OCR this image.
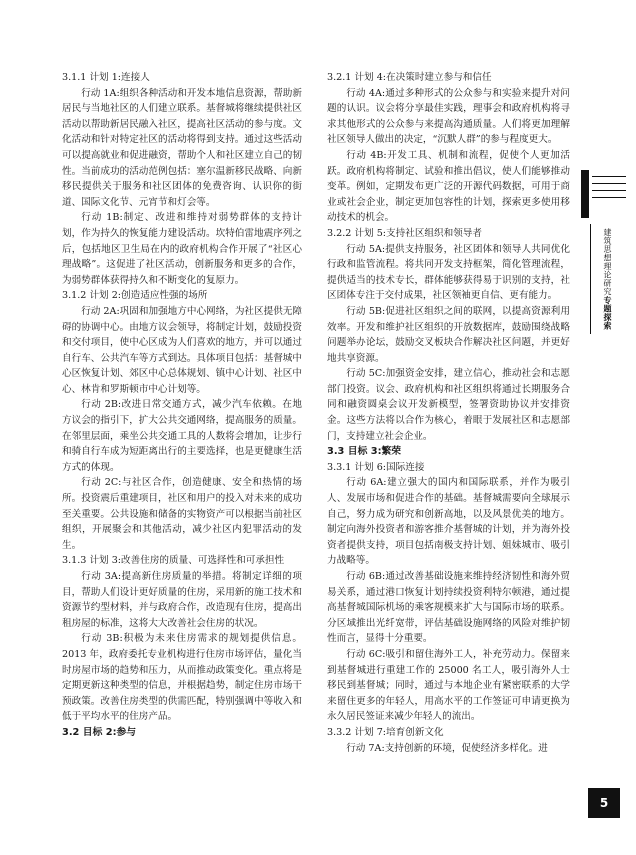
3.1.1 计划 1:连接人

行动 1A:组织各种活动和开发本地信息资源，帮助新居民与当地社区的人们建立联系。基督城将继续提供社区活动以帮助新居民融入社区，提高社区活动的参与度。文化活动和针对特定社区的活动将得到支持。通过这些活动可以提高就业和促进融资，帮助个人和社区建立自己的韧性。当前成功的活动范例包括：塞尔温新移民战略、向新移民提供关于服务和社区团体的免费咨询、认识你的街道、国际文化节、元宵节和灯会等。

行动 1B:制定、改进和维持对弱势群体的支持计划，作为持久的恢复能力建设活动。坎特伯雷地震序列之后，包括地区卫生局在内的政府机构合作开展了“社区心理战略”。这促进了社区活动，创新服务和更多的合作，为弱势群体获得持久和不断变化的复原力。

3.1.2 计划 2:创造适应性强的场所

行动 2A:巩固和加强地方中心网络，为社区提供无障碍的协调中心。由地方议会领导，将制定计划，鼓励投资和交付项目，使中心区成为人们喜欢的地方，并可以通过自行车、公共汽车等方式到达。具体项目包括：基督城中心区恢复计划、郊区中心总体规划、镇中心计划、社区中心、林肯和罗斯顿市中心计划等。

行动 2B:改进日常交通方式，减少汽车依赖。在地方议会的指引下，扩大公共交通网络，提高服务的质量。在邻里层面，乘坐公共交通工具的人数将会增加，让步行和骑自行车成为短距离出行的主要选择，也是更健康生活方式的体现。

行动 2C:与社区合作，创造健康、安全和热情的场所。投资震后重建项目，社区和用户的投入对未来的成功至关重要。公共设施和储备的实物资产可以根据当前社区组织，开展聚会和其他活动，减少社区内犯罪活动的发生。

3.1.3 计划 3:改善住房的质量、可选择性和可承担性

行动 3A:提高新住房质量的举措。将制定详细的项目，帮助人们设计更好质量的住房，采用新的施工技术和资源节约型材料，并与政府合作，改造现有住房，提高出租房屋的标准，这将大大改善社会住房的状况。

行动 3B:积极为未来住房需求的规划提供信息。2013 年，政府委托专业机构进行住房市场评估，量化当时房屋市场的趋势和压力，从而推动政策变化。重点将是定期更新这种类型的信息，并根据趋势，制定住房市场干预政策。改善住房类型的供需匹配，特别强调中等收入和低于平均水平的住房产品。

3.2 目标 2:参与

3.2.1 计划 4:在决策时建立参与和信任

行动 4A:通过多种形式的公众参与和实验来提升对问题的认识。议会将分享最佳实践，理事会和政府机构将寻求其他形式的公众参与来提高沟通质量。人们将更加理解社区领导人做出的决定，“沉默人群”的参与程度更大。

行动 4B:开发工具、机制和流程，促使个人更加活跃。政府机构将制定、试验和推出倡议，使人们能够推动变革。例如，定期发布更广泛的开源代码数据，可用于商业或社会企业，制定更加包容性的计划，探索更多使用移动技术的机会。

3.2.2 计划 5:支持社区组织和领导者

行动 5A:提供支持服务，社区团体和领导人共同优化行政和监管流程。将共同开发支持框架，简化管理流程，提供适当的技术专长，群体能够获得易于识别的支持，社区团体专注于交付成果，社区领袖更自信、更有能力。

行动 5B:促进社区组织之间的联网，以提高资源利用效率。开发和维护社区组织的开放数据库，鼓励围绕战略问题举办论坛，鼓励交叉板块合作解决社区问题，并更好地共享资源。

行动 5C:加强资金安排，建立信心，推动社会和志愿部门投资。议会、政府机构和社区组织将通过长期服务合同和融资圆桌会议开发新模型，签署资助协议并安排资金。这些方法将以合作为核心，着眼于发展社区和志愿部门，支持建立社会企业。

3.3 目标 3:繁荣

3.3.1 计划 6:国际连接

行动 6A:建立强大的国内和国际联系，并作为吸引人、发展市场和促进合作的基础。基督城需要向全球展示自己，努力成为研究和创新高地，以及风景优美的地方。制定向海外投资者和游客推介基督城的计划，并为海外投资者提供支持，项目包括南极支持计划、姐妹城市、吸引力战略等。

行动 6B:通过改善基础设施来维持经济韧性和海外贸易关系，通过港口恢复计划持续投资利特尔顿港，通过提高基督城国际机场的乘客规模来扩大与国际市场的联系。分区域推出光纤宽带，评估基础设施网络的风险对维护韧性而言，显得十分重要。

行动 6C:吸引和留住海外工人，补充劳动力。保留来到基督城进行重建工作的 25000 名工人，吸引海外人士移民到基督城；同时，通过与本地企业有紧密联系的大学来留住更多的年轻人，用高水平的工作签证可申请更换为永久居民签证来减少年轻人的流出。

3.3.2 计划 7:培育创新文化

行动 7A:支持创新的环境，促使经济多样化。进

建筑思想理论研究专题探索
5
